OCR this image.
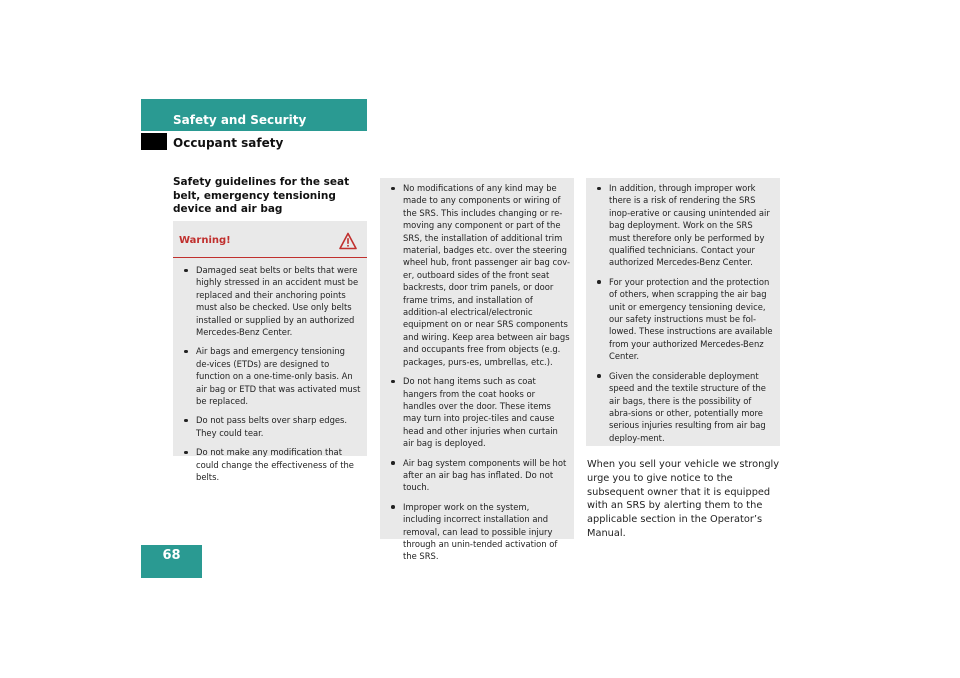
Safety and Security
Occupant safety
68
Safety guidelines for the seat belt, emergency tensioning device and air bag
Warning!
Damaged seat belts or belts that were highly stressed in an accident must be replaced and their anchoring points must also be checked. Use only belts installed or supplied by an authorized Mercedes-Benz Center.
Air bags and emergency tensioning de-vices (ETDs) are designed to function on a one-time-only basis. An air bag or ETD that was activated must be replaced.
Do not pass belts over sharp edges. They could tear.
Do not make any modification that could change the effectiveness of the belts.
No modifications of any kind may be made to any components or wiring of the SRS. This includes changing or re-moving any component or part of the SRS, the installation of additional trim material, badges etc. over the steering wheel hub, front passenger air bag cov-er, outboard sides of the front seat backrests, door trim panels, or door frame trims, and installation of addition-al electrical/electronic equipment on or near SRS components and wiring. Keep area between air bags and occupants free from objects (e.g. packages, purs-es, umbrellas, etc.).
Do not hang items such as coat hangers from the coat hooks or handles over the door. These items may turn into projec-tiles and cause head and other injuries when curtain air bag is deployed.
Air bag system components will be hot after an air bag has inflated. Do not touch.
Improper work on the system, including incorrect installation and removal, can lead to possible injury through an unin-tended activation of the SRS.
In addition, through improper work there is a risk of rendering the SRS inop-erative or causing unintended air bag deployment. Work on the SRS must therefore only be performed by qualified technicians. Contact your authorized Mercedes-Benz Center.
For your protection and the protection of others, when scrapping the air bag unit or emergency tensioning device, our safety instructions must be fol-lowed. These instructions are available from your authorized Mercedes-Benz Center.
Given the considerable deployment speed and the textile structure of the air bags, there is the possibility of abra-sions or other, potentially more serious injuries resulting from air bag deploy-ment.
When you sell your vehicle we strongly urge you to give notice to the subsequent owner that it is equipped with an SRS by alerting them to the applicable section in the Operator’s Manual.
